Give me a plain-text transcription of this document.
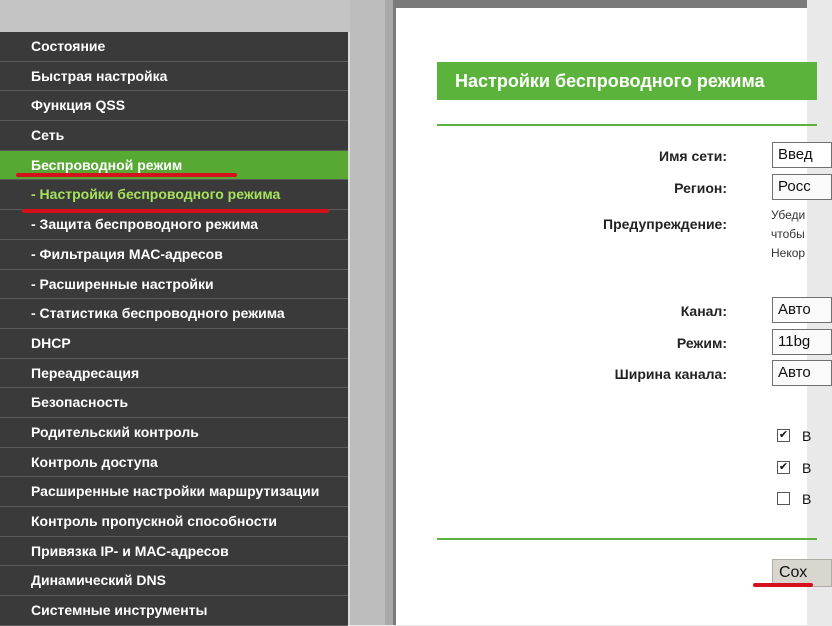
Состояние
Быстрая настройка
Функция QSS
Сеть
Беспроводной режим
- Настройки беспроводного режима
- Защита беспроводного режима
- Фильтрация МАС-адресов
- Расширенные настройки
- Статистика беспроводного режима
DHCP
Переадресация
Безопасность
Родительский контроль
Контроль доступа
Расширенные настройки маршрутизации
Контроль пропускной способности
Привязка IP- и МАС-адресов
Динамический DNS
Системные инструменты
Настройки беспроводного режима
Имя сети:	Введ
Регион:	Росс
Предупреждение:
Убеди
чтобы
Некор
Канал:	Авто
Режим:	11bg
Ширина канала:	Авто
✔ В
✔ В
В
Сох
